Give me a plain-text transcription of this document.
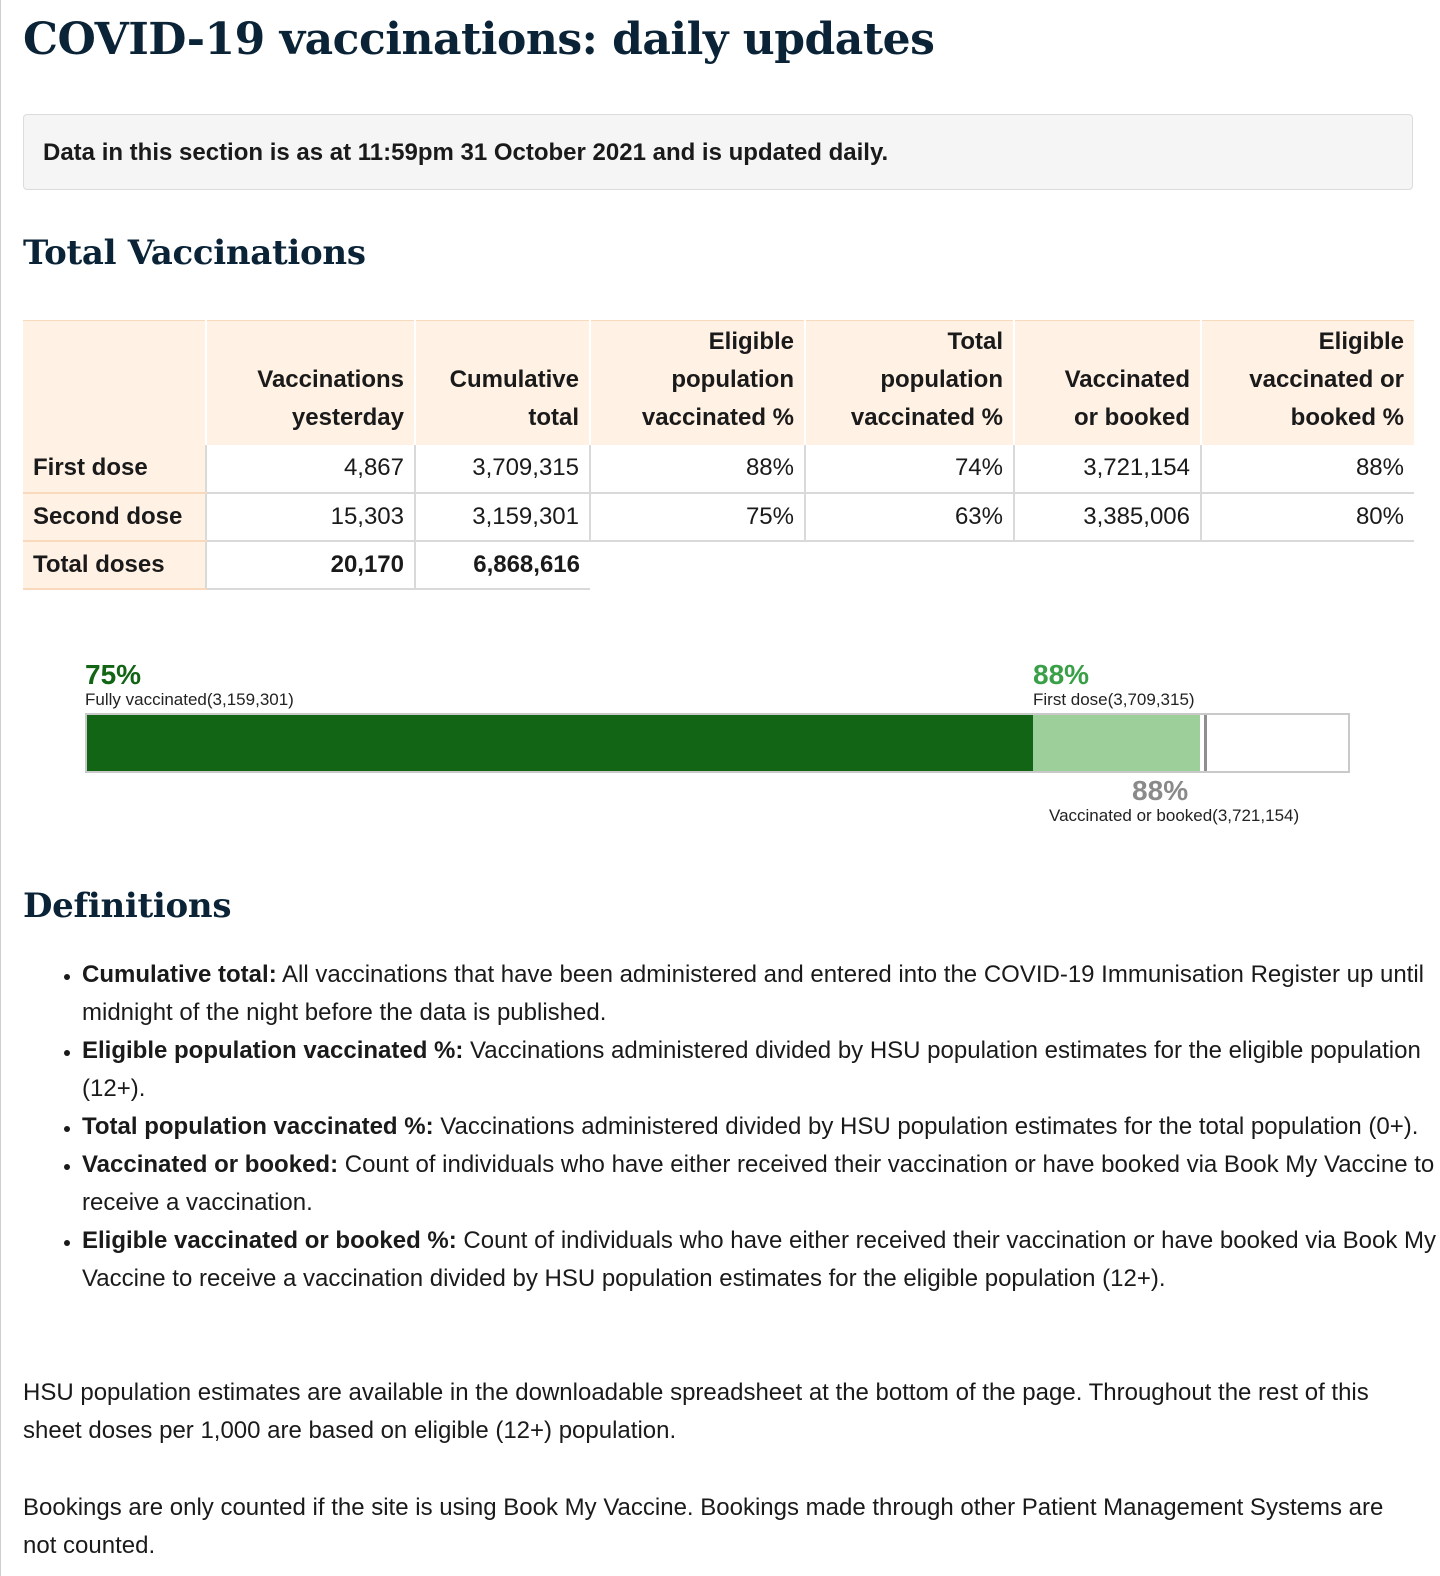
COVID-19 vaccinations: daily updates
Data in this section is as at 11:59pm 31 October 2021 and is updated daily.
Total Vaccinations

	Vaccinations yesterday	Cumulative total	Eligible population vaccinated %	Total population vaccinated %	Vaccinated or booked	Eligible vaccinated or booked %

First dose	4,867	3,709,315	88%	74%	3,721,154	88%
Second dose	15,303	3,159,301	75%	63%	3,385,006	80%
Total doses	20,170	6,868,616				
75%
Fully vaccinated(3,159,301)
88%
First dose(3,709,315)
88%
Vaccinated or booked(3,721,154)
Definitions
• Cumulative total: All vaccinations that have been administered and entered into the COVID-19 Immunisation Register up until midnight of the night before the data is published.
• Eligible population vaccinated %: Vaccinations administered divided by HSU population estimates for the eligible population (12+).
• Total population vaccinated %: Vaccinations administered divided by HSU population estimates for the total population (0+).
• Vaccinated or booked: Count of individuals who have either received their vaccination or have booked via Book My Vaccine to receive a vaccination.
• Eligible vaccinated or booked %: Count of individuals who have either received their vaccination or have booked via Book My Vaccine to receive a vaccination divided by HSU population estimates for the eligible population (12+).

HSU population estimates are available in the downloadable spreadsheet at the bottom of the page. Throughout the rest of this sheet doses per 1,000 are based on eligible (12+) population.

Bookings are only counted if the site is using Book My Vaccine. Bookings made through other Patient Management Systems are not counted.
